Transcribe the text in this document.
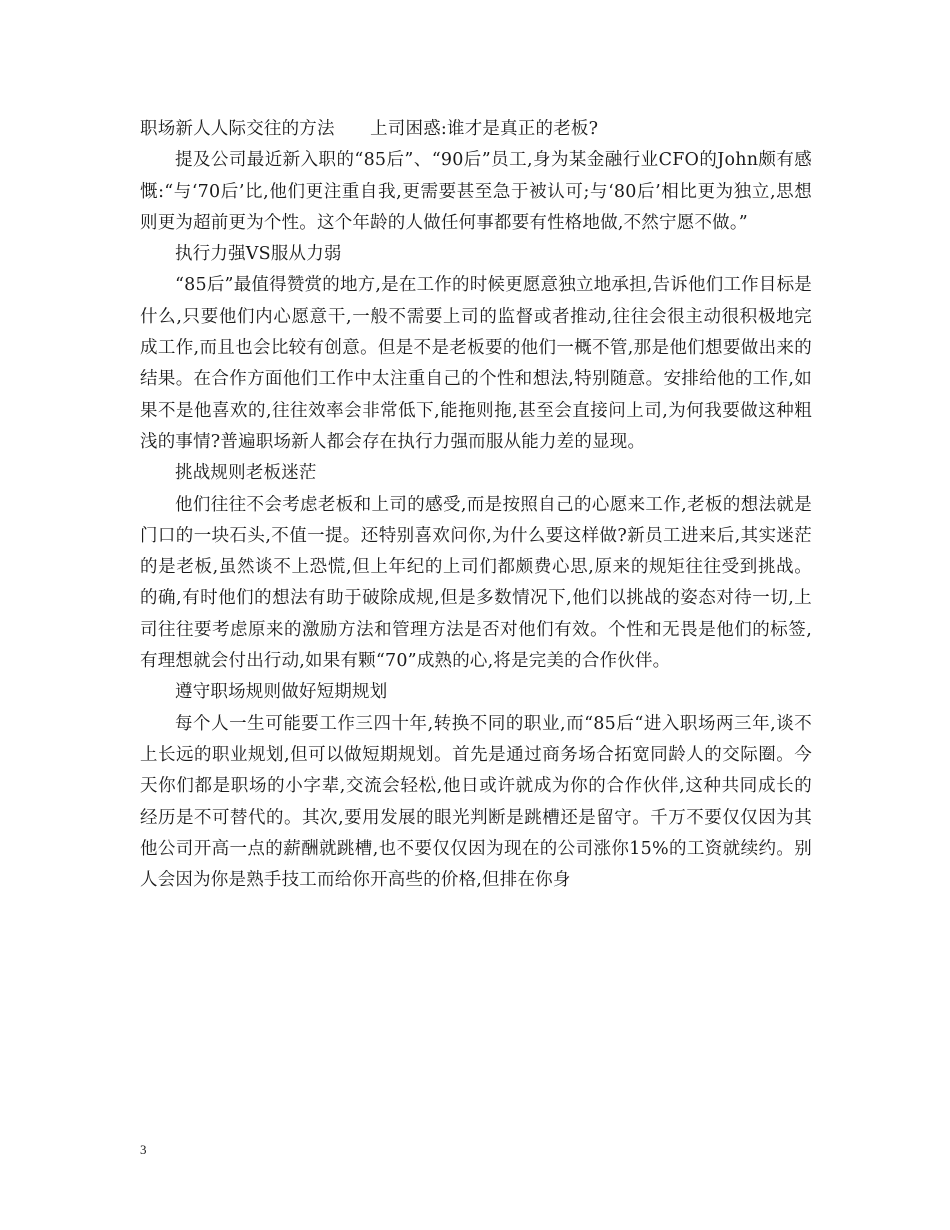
职场新人人际交往的方法　　上司困惑:谁才是真正的老板?

提及公司最近新入职的“85后”、“90后”员工,身为某金融行业CFO的John颇有感慨:“与‘70后’比,他们更注重自我,更需要甚至急于被认可;与‘80后’相比更为独立,思想则更为超前更为个性。这个年龄的人做任何事都要有性格地做,不然宁愿不做。”

执行力强VS服从力弱

“85后”最值得赞赏的地方,是在工作的时候更愿意独立地承担,告诉他们工作目标是什么,只要他们内心愿意干,一般不需要上司的监督或者推动,往往会很主动很积极地完成工作,而且也会比较有创意。但是不是老板要的他们一概不管,那是他们想要做出来的结果。在合作方面他们工作中太注重自己的个性和想法,特别随意。安排给他的工作,如果不是他喜欢的,往往效率会非常低下,能拖则拖,甚至会直接问上司,为何我要做这种粗浅的事情?普遍职场新人都会存在执行力强而服从能力差的显现。

挑战规则老板迷茫

他们往往不会考虑老板和上司的感受,而是按照自己的心愿来工作,老板的想法就是门口的一块石头,不值一提。还特别喜欢问你,为什么要这样做?新员工进来后,其实迷茫的是老板,虽然谈不上恐慌,但上年纪的上司们都颇费心思,原来的规矩往往受到挑战。的确,有时他们的想法有助于破除成规,但是多数情况下,他们以挑战的姿态对待一切,上司往往要考虑原来的激励方法和管理方法是否对他们有效。个性和无畏是他们的标签,有理想就会付出行动,如果有颗“70”成熟的心,将是完美的合作伙伴。

遵守职场规则做好短期规划

每个人一生可能要工作三四十年,转换不同的职业,而“85后“进入职场两三年,谈不上长远的职业规划,但可以做短期规划。首先是通过商务场合拓宽同龄人的交际圈。今天你们都是职场的小字辈,交流会轻松,他日或许就成为你的合作伙伴,这种共同成长的经历是不可替代的。其次,要用发展的眼光判断是跳槽还是留守。千万不要仅仅因为其他公司开高一点的薪酬就跳槽,也不要仅仅因为现在的公司涨你15%的工资就续约。别人会因为你是熟手技工而给你开高些的价格,但排在你身

3
